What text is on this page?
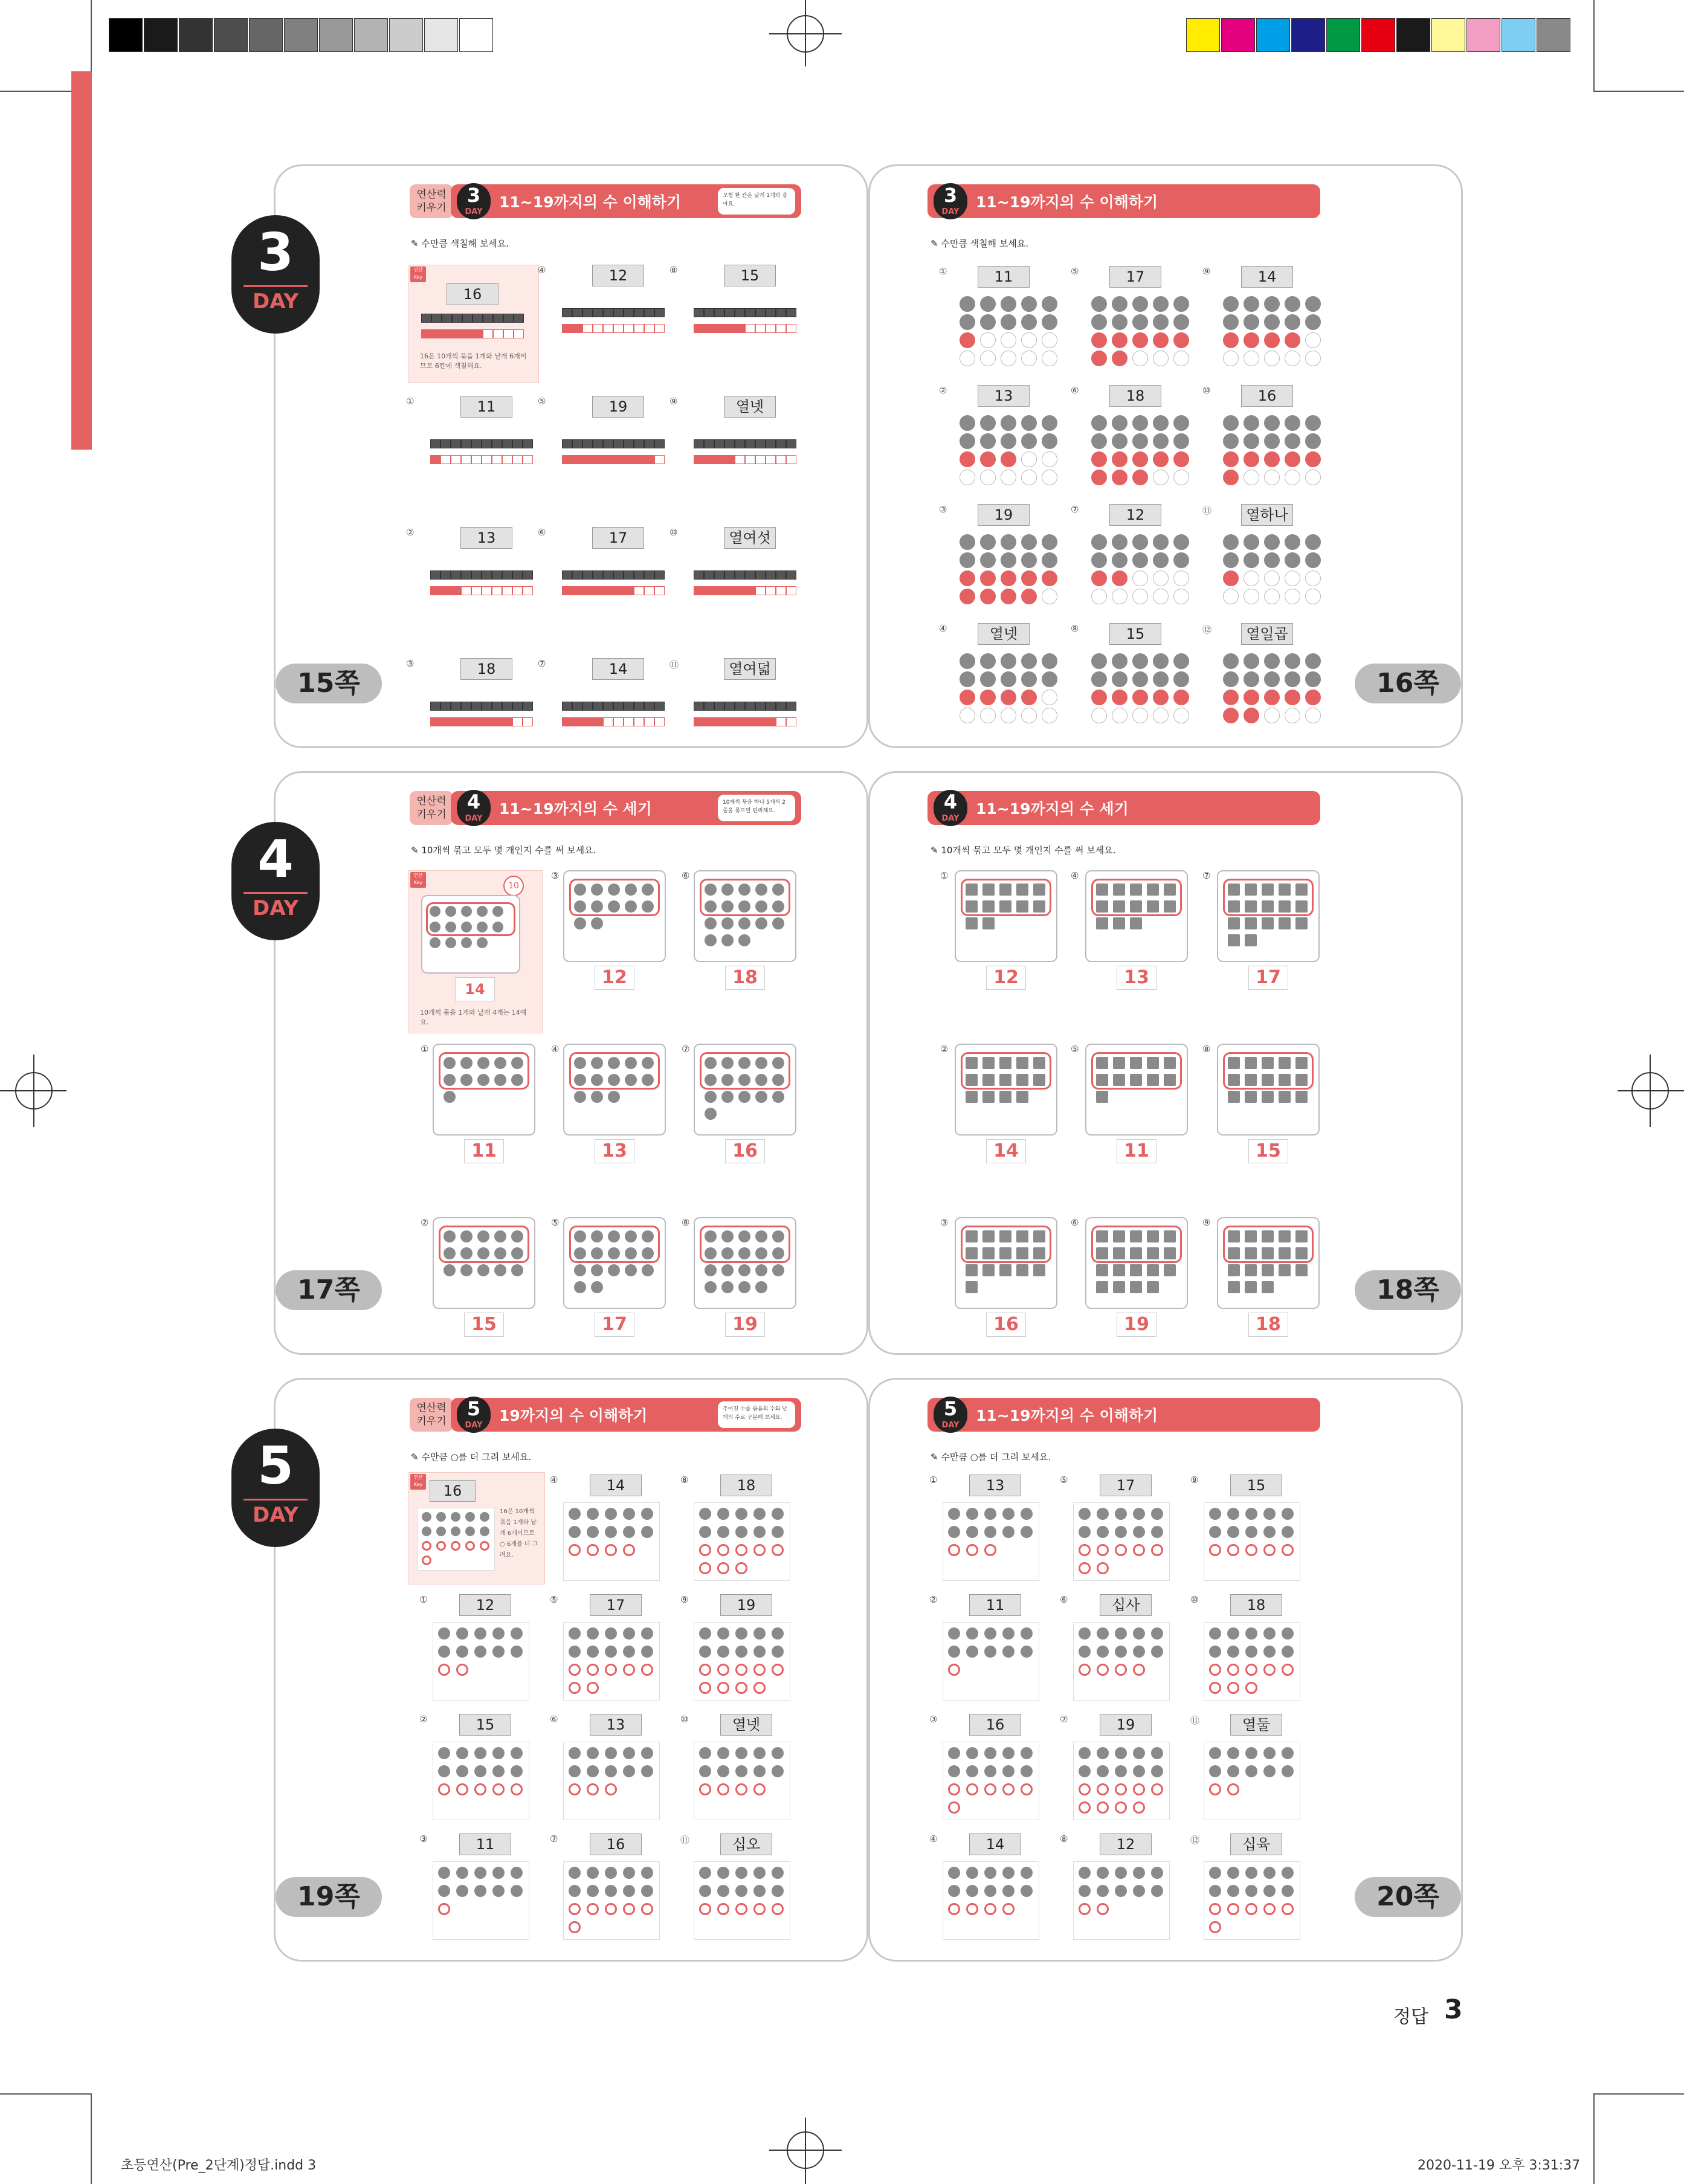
3
DAY
4
DAY
5
DAY
15쪽	16쪽
17쪽	18쪽
19쪽	20쪽
연산력
키우기
3
DAY
11~19까지의 수 이해하기	모형 한 칸은 낱개 1개와 같아요.	3
DAY
11~19까지의 수 이해하기
✎ 수만큼 색칠해 보세요.	✎ 수만큼 색칠해 보세요.
연산 Key
16
16은 10개씩 묶음 1개와 낱개 6개이므로 6칸에 색칠해요.
연산력
키우기
4
DAY
11~19까지의 수 세기	10개씩 묶음 하나 5개씩 2줄을 묶으면 편리해요.	4
DAY
11~19까지의 수 세기
✎ 10개씩 묶고 모두 몇 개인지 수를 써 보세요.	✎ 10개씩 묶고 모두 몇 개인지 수를 써 보세요.
연산 Key	10
14
10개씩 묶음 1개와 낱개 4개는 14예요.
연산력
키우기
5
DAY
19까지의 수 이해하기	주어진 수를 묶음의 수와 낱개의 수로 구분해 보세요.	5
DAY
11~19까지의 수 이해하기
✎ 수만큼 ○를 더 그려 보세요.	✎ 수만큼 ○를 더 그려 보세요.
연산 Key	16
16은 10개씩 묶음 1개와 낱개 6개이므로 ○ 6개를 더 그려요.
정답 3
초등연산(Pre_2단계)정답.indd 3	2020-11-19 오후 3:31:37
④	12	⑧	15
①	11	⑤	19	⑨	열넷
②	13	⑥	17	⑩	열여섯
③	18	⑦	14	⑪	열여덟
①	11	⑤	17	⑨	14
②	13	⑥	18	⑩	16
③	19	⑦	12	⑪	열하나
④	열넷	⑧	15	⑫	열일곱
③
12
⑥
18
①
11
④
13
⑦
16
②
15
⑤
17
⑧
19
①
12
④
13
⑦
17
②
14
⑤
11
⑧
15
③
16
⑥
19
⑨
18
④	14	⑧	18
①	12	⑤	17	⑨	19
②	15	⑥	13	⑩	열넷
③	11	⑦	16	⑪	십오
①	13	⑤	17	⑨	15
②	11	⑥	십사	⑩	18
③	16	⑦	19	⑪	열둘
④	14	⑧	12	⑫	십육
